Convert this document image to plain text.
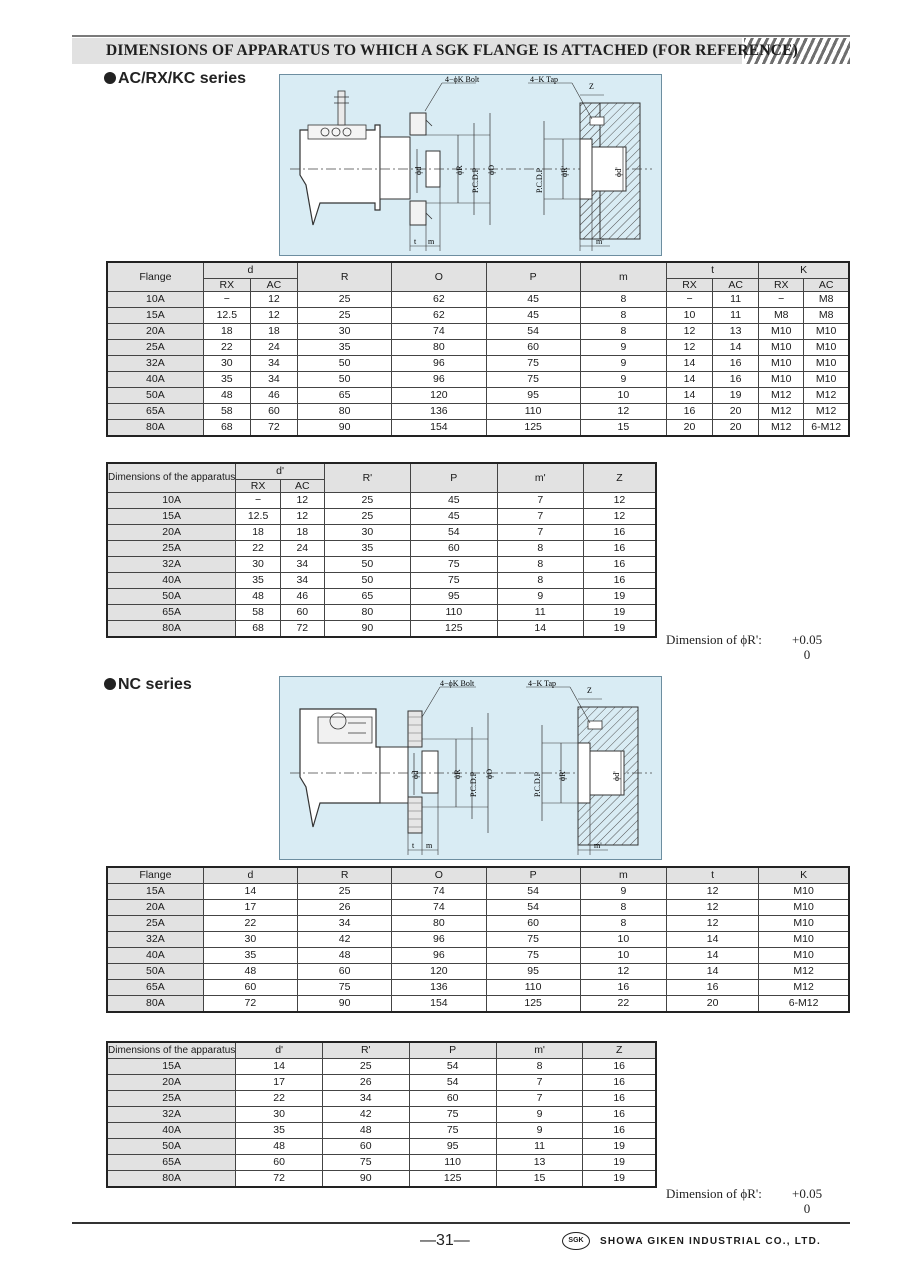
DIMENSIONS OF APPARATUS TO WHICH A SGK FLANGE IS ATTACHED (FOR REFERENCE)
AC/RX/KC series	4−ϕK Bolt	4−K Tap
Z
ϕd	ϕR	ϕO
P.C.D.P	P.C.D.P ϕR'	ϕd'
t m	m'
Flange	d		R	O	P	m	t		K	
	RX	AC					RX	AC	RX	AC
10A	−	12	25	62	45	8	−	11	−	M8
15A	12.5	12	25	62	45	8	10	11	M8	M8
20A	18	18	30	74	54	8	12	13	M10	M10
25A	22	24	35	80	60	9	12	14	M10	M10
32A	30	34	50	96	75	9	14	16	M10	M10
40A	35	34	50	96	75	9	14	16	M10	M10
50A	48	46	65	120	95	10	14	19	M12	M12
65A	58	60	80	136	110	12	16	20	M12	M12
80A	68	72	90	154	125	15	20	20	M12	6-M12
Dimensions of the apparatus	d'		R'	P	m'	Z
	RX	AC				
10A	−	12	25	45	7	12
15A	12.5	12	25	45	7	12
20A	18	18	30	54	7	16
25A	22	24	35	60	8	16
32A	30	34	50	75	8	16
40A	35	34	50	75	8	16
50A	48	46	65	95	9	19
65A	58	60	80	110	11	19
80A	68	72	90	125	14	19
Dimension of ϕR': +0.05
0
NC series	4−ϕK Bolt	4−K Tap
Z
ϕd	ϕR	ϕO
P.C.D.P	P.C.D.P ϕR'	ϕd'
t m	m'
Flange	d	R	O	P	m	t	K
15A	14	25	74	54	9	12	M10
20A	17	26	74	54	8	12	M10
25A	22	34	80	60	8	12	M10
32A	30	42	96	75	10	14	M10
40A	35	48	96	75	10	14	M10
50A	48	60	120	95	12	14	M12
65A	60	75	136	110	16	16	M12
80A	72	90	154	125	22	20	6-M12
Dimensions of the apparatus	d'	R'	P	m'	Z
15A	14	25	54	8	16
20A	17	26	54	7	16
25A	22	34	60	7	16
32A	30	42	75	9	16
40A	35	48	75	9	16
50A	48	60	95	11	19
65A	60	75	110	13	19
80A	72	90	125	15	19
Dimension of ϕR': +0.05
0
—31—	SGK	SHOWA GIKEN INDUSTRIAL CO., LTD.
